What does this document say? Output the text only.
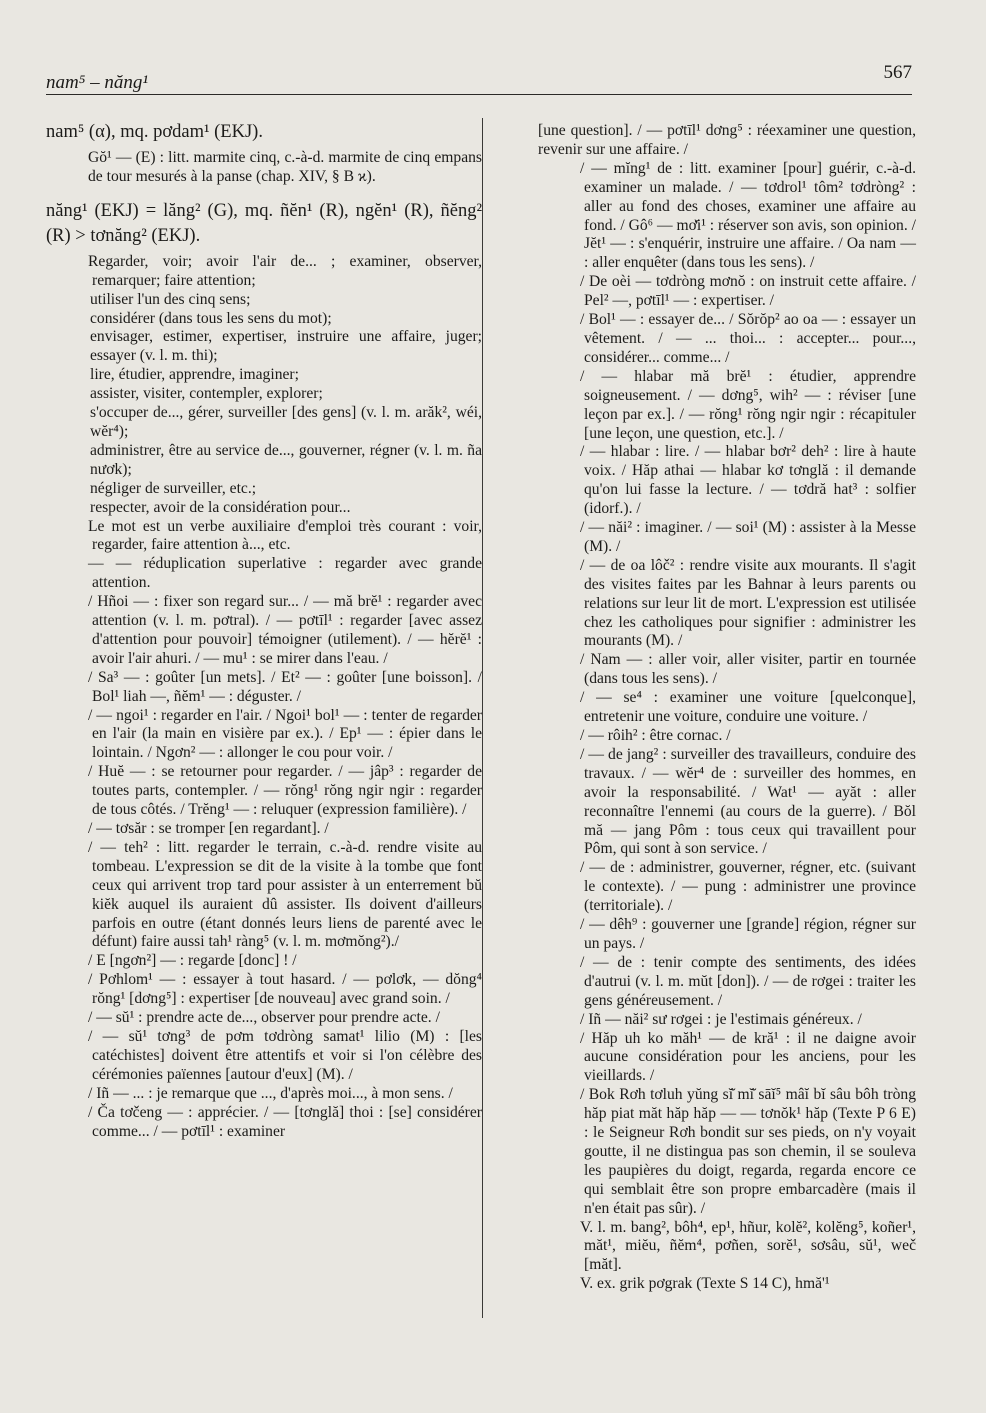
nam⁵ – năng¹	567

nam⁵ (α), mq. pơdam¹ (EKJ).

Gŏ¹ — (E) : litt. marmite cinq, c.-à-d. marmite de cinq empans de tour mesurés à la panse (chap. XIV, § B ϰ).

năng¹ (EKJ) = lăng² (G), mq. ñĕn¹ (R), ngĕn¹ (R), ñĕng² (R) > tơnăng² (EKJ).

Regarder, voir; avoir l'air de... ; examiner, observer, remarquer; faire attention;

utiliser l'un des cinq sens;

considérer (dans tous les sens du mot);

envisager, estimer, expertiser, instruire une affaire, juger; essayer (v. l. m. thi);

lire, étudier, apprendre, imaginer;

assister, visiter, contempler, explorer;

s'occuper de..., gérer, surveiller [des gens] (v. l. m. arăk², wéi, wĕr⁴);

administrer, être au service de..., gouverner, régner (v. l. m. ña nươk);

négliger de surveiller, etc.;

respecter, avoir de la considération pour...

Le mot est un verbe auxiliaire d'emploi très courant : voir, regarder, faire attention à..., etc.

— — réduplication superlative : regarder avec grande attention.

/ Hñoi — : fixer son regard sur... / — mă brĕ¹ : regarder avec attention (v. l. m. pơtral). / — pơtīl¹ : regarder [avec assez d'attention pour pouvoir] témoigner (utilement). / — hĕrĕ¹ : avoir l'air ahuri. / — mu¹ : se mirer dans l'eau. /

/ Sa³ — : goûter [un mets]. / Et² — : goûter [une boisson]. / Bol¹ liah —, ñĕm¹ — : déguster. /

/ — ngoi¹ : regarder en l'air. / Ngoi¹ bol¹ — : tenter de regarder en l'air (la main en visière par ex.). / Ep¹ — : épier dans le lointain. / Ngơn² — : allonger le cou pour voir. /

/ Huĕ — : se retourner pour regarder. / — jâp³ : regarder de toutes parts, contempler. / — rŏng¹ rŏng ngir ngir : regarder de tous côtés. / Trĕng¹ — : reluquer (expression familière). /

/ — tơsăr : se tromper [en regardant]. /

/ — teh² : litt. regarder le terrain, c.-à-d. rendre visite au tombeau. L'expression se dit de la visite à la tombe que font ceux qui arrivent trop tard pour assister à un enterrement bŭ kiĕk auquel ils auraient dû assister. Ils doivent d'ailleurs parfois en outre (étant donnés leurs liens de parenté avec le défunt) faire aussi tah¹ ràng⁵ (v. l. m. mơmŏng²)./

/ E [ngơn²] — : regarde [donc] ! /

/ Pơhlom¹ — : essayer à tout hasard. / — pơlơk, — dŏng⁴ rŏng¹ [dơng⁵] : expertiser [de nouveau] avec grand soin. /

/ — sŭ¹ : prendre acte de..., observer pour prendre acte. /

/ — sŭ¹ tơng³ de pơm tơdròng samat¹ lilio (M) : [les catéchistes] doivent être attentifs et voir si l'on célèbre des cérémonies païennes [autour d'eux] (M). /

/ Iñ — ... : je remarque que ..., d'après moi..., à mon sens. /

/ Ča tơčeng — : apprécier. / — [tơnglă] thoi : [se] considérer comme... / — pơtīl¹ : examiner

[une question]. / — pơtīl¹ dơng⁵ : réexaminer une question, revenir sur une affaire. /

/ — mĭng¹ de : litt. examiner [pour] guérir, c.-à-d. examiner un malade. / — tơdrol¹ tôm² tơdròng² : aller au fond des choses, examiner une affaire au fond. / Gô⁶ — mơ̆i¹ : réserver son avis, son opinion. / Jĕt¹ — : s'enquérir, instruire une affaire. / Oa nam — : aller enquêter (dans tous les sens). /

/ De oèi — tơdròng mơnŏ : on instruit cette affaire. / Pel² —, pơtīl¹ — : expertiser. /

/ Bol¹ — : essayer de... / Sŏrŏp² ao oa — : essayer un vêtement. / — ... thoi... : accepter... pour..., considérer... comme... /

/ — hlabar mă brĕ¹ : étudier, apprendre soigneusement. / — dơng⁵, wih² — : réviser [une leçon par ex.]. / — rŏng¹ rŏng ngir ngir : récapituler [une leçon, une question, etc.]. /

/ — hlabar : lire. / — hlabar bơr² deh² : lire à haute voix. / Hăp athai — hlabar kơ tơnglă : il demande qu'on lui fasse la lecture. / — tơdră hat³ : solfier (idorf.). /

/ — năi² : imaginer. / — soi¹ (M) : assister à la Messe (M). /

/ — de oa lôč² : rendre visite aux mourants. Il s'agit des visites faites par les Bahnar à leurs parents ou relations sur leur lit de mort. L'expression est utilisée chez les catholiques pour signifier : administrer les mourants (M). /

/ Nam — : aller voir, aller visiter, partir en tournée (dans tous les sens). /

/ — se⁴ : examiner une voiture [quelconque], entretenir une voiture, conduire une voiture. /

/ — rôih² : être cornac. /

/ — de jang² : surveiller des travailleurs, conduire des travaux. / — wĕr⁴ de : surveiller des hommes, en avoir la responsabilité. / Wat¹ — ayăt : aller reconnaître l'ennemi (au cours de la guerre). / Bŏl mă — jang Pôm : tous ceux qui travaillent pour Pôm, qui sont à son service. /

/ — de : administrer, gouverner, régner, etc. (suivant le contexte). / — pung : administrer une province (territoriale). /

/ — dêh⁹ : gouverner une [grande] région, régner sur un pays. /

/ — de : tenir compte des sentiments, des idées d'autrui (v. l. m. mŭt [don]). / — de rơgei : traiter les gens généreusement. /

/ Iñ — năi² sư rơgei : je l'estimais généreux. /

/ Hăp uh ko măh¹ — de kră¹ : il ne daigne avoir aucune considération pour les anciens, pour les vieillards. /

/ Bok Rơh tơluh yŭng sĭ̆ mĭ̆ sāĭ⁵ mâĭ bĭ sâu bôh tròng hăp piat măt hăp hăp — — tơnŏk¹ hăp (Texte P 6 E) : le Seigneur Rơh bondit sur ses pieds, on n'y voyait goutte, il ne distingua pas son chemin, il se souleva les paupières du doigt, regarda, regarda encore ce qui semblait être son propre embarcadère (mais il n'en était pas sûr). /

V. l. m. bang², bôh⁴, ep¹, hñur, kolĕ², kolĕng⁵, koñer¹, măt¹, miĕu, ñĕm⁴, pơñen, sorĕ¹, sơsâu, sŭ¹, weč [măt].

V. ex. grik pơgrak (Texte S 14 C), hmă'¹
